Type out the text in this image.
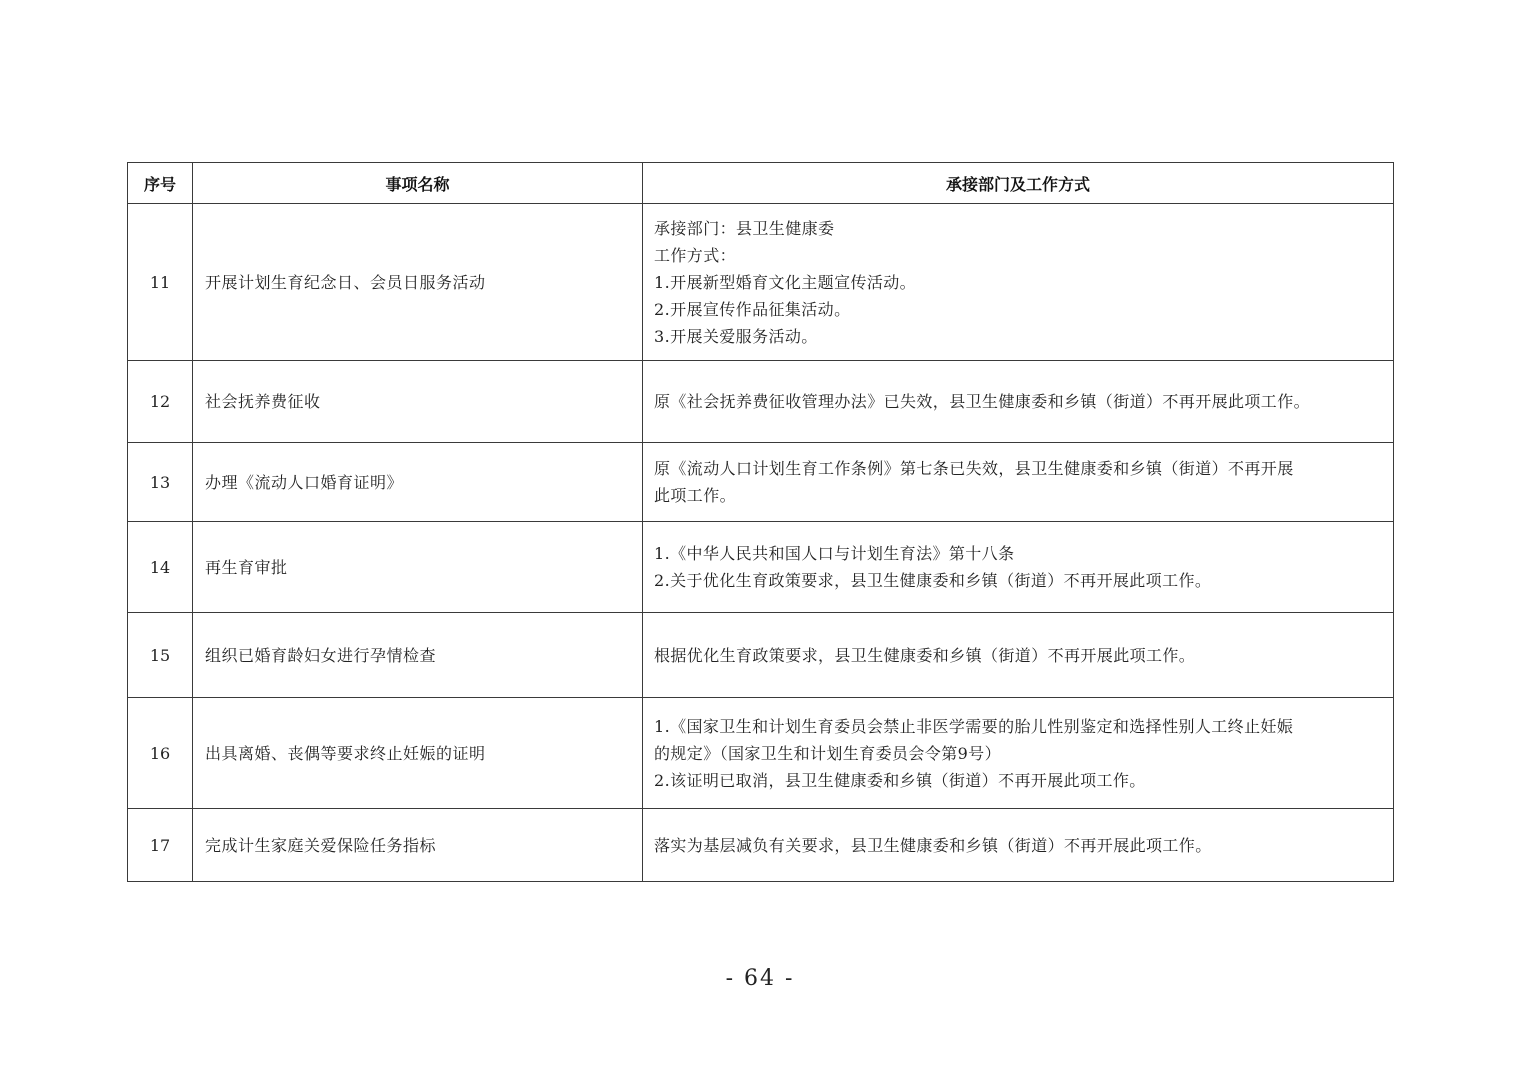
序号	事项名称	承接部门及工作方式
11	开展计划生育纪念日、会员日服务活动	承接部门：县卫生健康委
工作方式：
1.开展新型婚育文化主题宣传活动。
2.开展宣传作品征集活动。
3.开展关爱服务活动。

12	社会抚养费征收	原《社会抚养费征收管理办法》已失效，县卫生健康委和乡镇（街道）不再开展此项工作。

13	办理《流动人口婚育证明》	原《流动人口计划生育工作条例》第七条已失效，县卫生健康委和乡镇（街道）不再开展
此项工作。

14	再生育审批	1.《中华人民共和国人口与计划生育法》第十八条
2.关于优化生育政策要求，县卫生健康委和乡镇（街道）不再开展此项工作。

15	组织已婚育龄妇女进行孕情检查	根据优化生育政策要求，县卫生健康委和乡镇（街道）不再开展此项工作。

16	出具离婚、丧偶等要求终止妊娠的证明	1.《国家卫生和计划生育委员会禁止非医学需要的胎儿性别鉴定和选择性别人工终止妊娠
的规定》（国家卫生和计划生育委员会令第9号）
2.该证明已取消，县卫生健康委和乡镇（街道）不再开展此项工作。

17	完成计生家庭关爱保险任务指标	落实为基层减负有关要求，县卫生健康委和乡镇（街道）不再开展此项工作。
- 64 -
